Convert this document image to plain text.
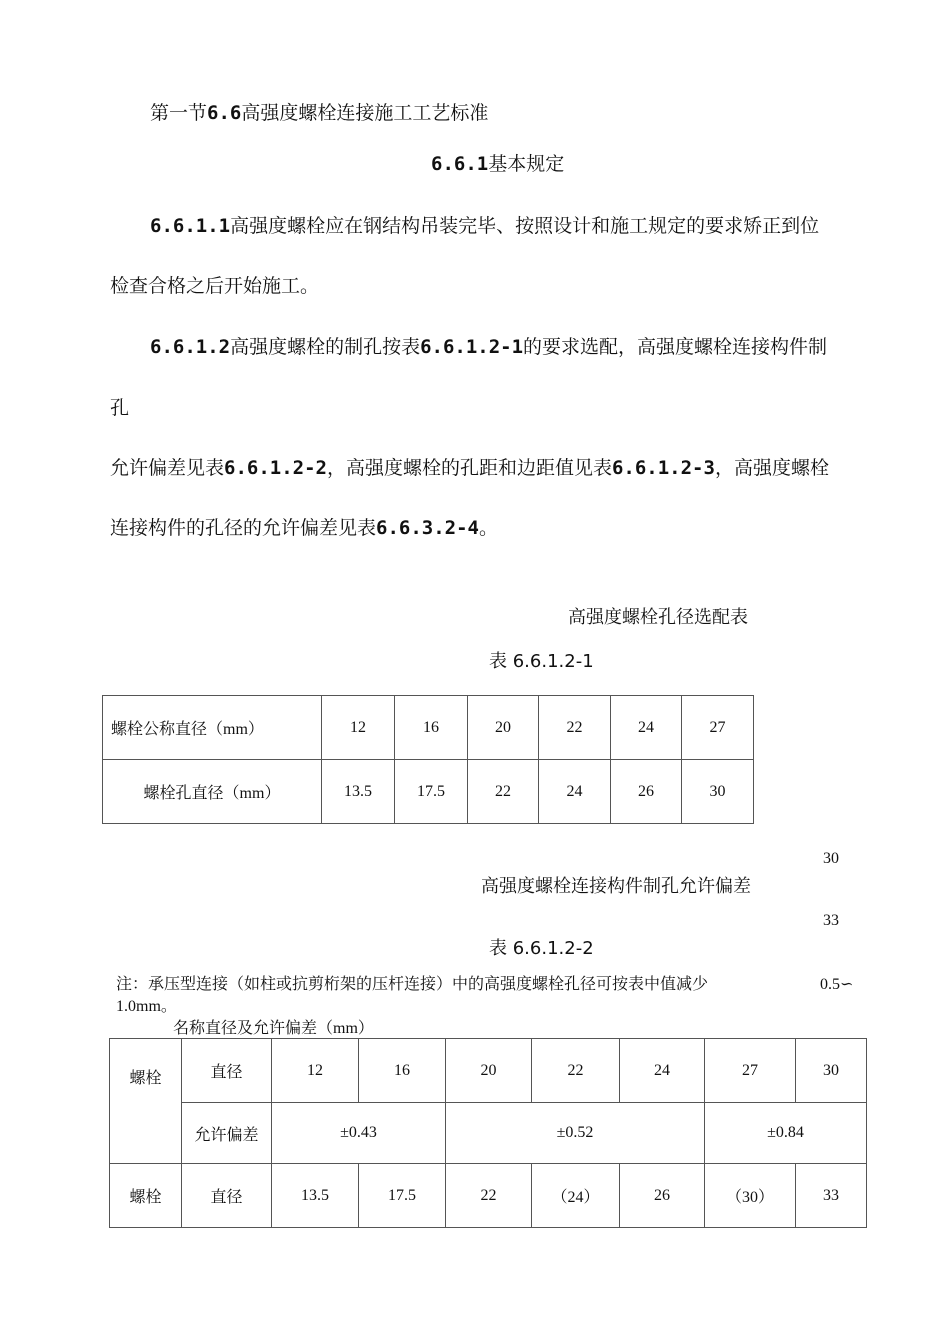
第一节6.6高强度螺栓连接施工工艺标准
6.6.1基本规定
6.6.1.1高强度螺栓应在钢结构吊装完毕、按照设计和施工规定的要求矫正到位
检查合格之后开始施工。
6.6.1.2高强度螺栓的制孔按表6.6.1.2-1的要求选配，高强度螺栓连接构件制
孔
允许偏差见表6.6.1.2-2，高强度螺栓的孔距和边距值见表6.6.1.2-3，高强度螺栓
连接构件的孔径的允许偏差见表6.6.3.2-4。
高强度螺栓孔径选配表
表 6.6.1.2-1
螺栓公称直径（mm）	12	16	20	22	24	27
螺栓孔直径（mm）	13.5	17.5	22	24	26	30
30
33
高强度螺栓连接构件制孔允许偏差
表 6.6.1.2-2
注：承压型连接（如柱或抗剪桁架的压杆连接）中的高强度螺栓孔径可按表中值减少	0.5∽
1.0mm。
名称直径及允许偏差（mm）
螺栓	直径	12	16	20	22	24	27	30
	允许偏差	±0.43		±0.52			±0.84	
螺栓	直径	13.5	17.5	22	（24）	26	（30）	33
